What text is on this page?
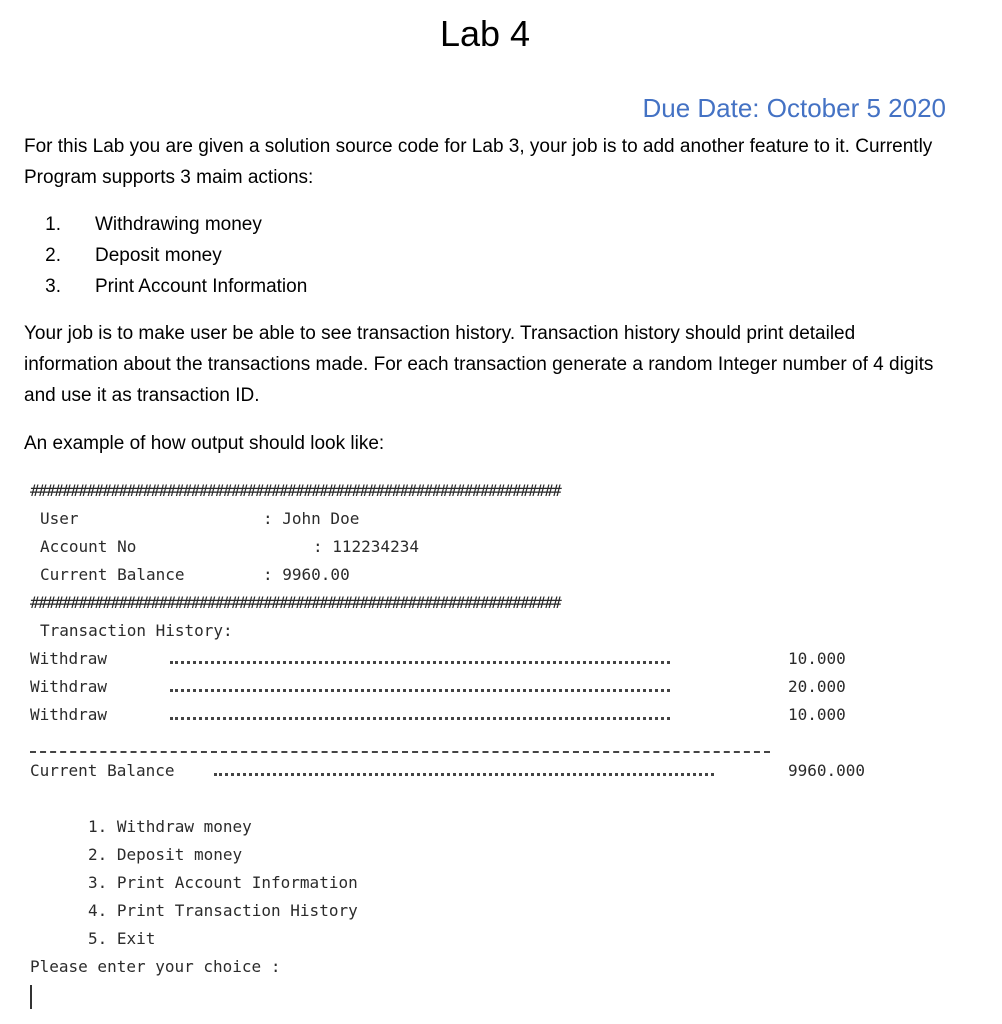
Lab 4
Due Date: October 5 2020

For this Lab you are given a solution source code for Lab 3, your job is to add another feature to it. Currently Program supports 3 maim actions:

1.	Withdrawing money
2.	Deposit money
3.	Print Account Information

Your job is to make user be able to see transaction history. Transaction history should print detailed information about the transactions made. For each transaction generate a random Integer number of 4 digits and use it as transaction ID.

An example of how output should look like:

##################################################################
User	: John Doe
Account No	: 112234234
Current Balance	: 9960.00
##################################################################
Transaction History:
Withdraw	10.000
Withdraw	20.000
Withdraw	10.000
Current Balance	9960.000
1. Withdraw money
2. Deposit money
3. Print Account Information
4. Print Transaction History
5. Exit
Please enter your choice :
